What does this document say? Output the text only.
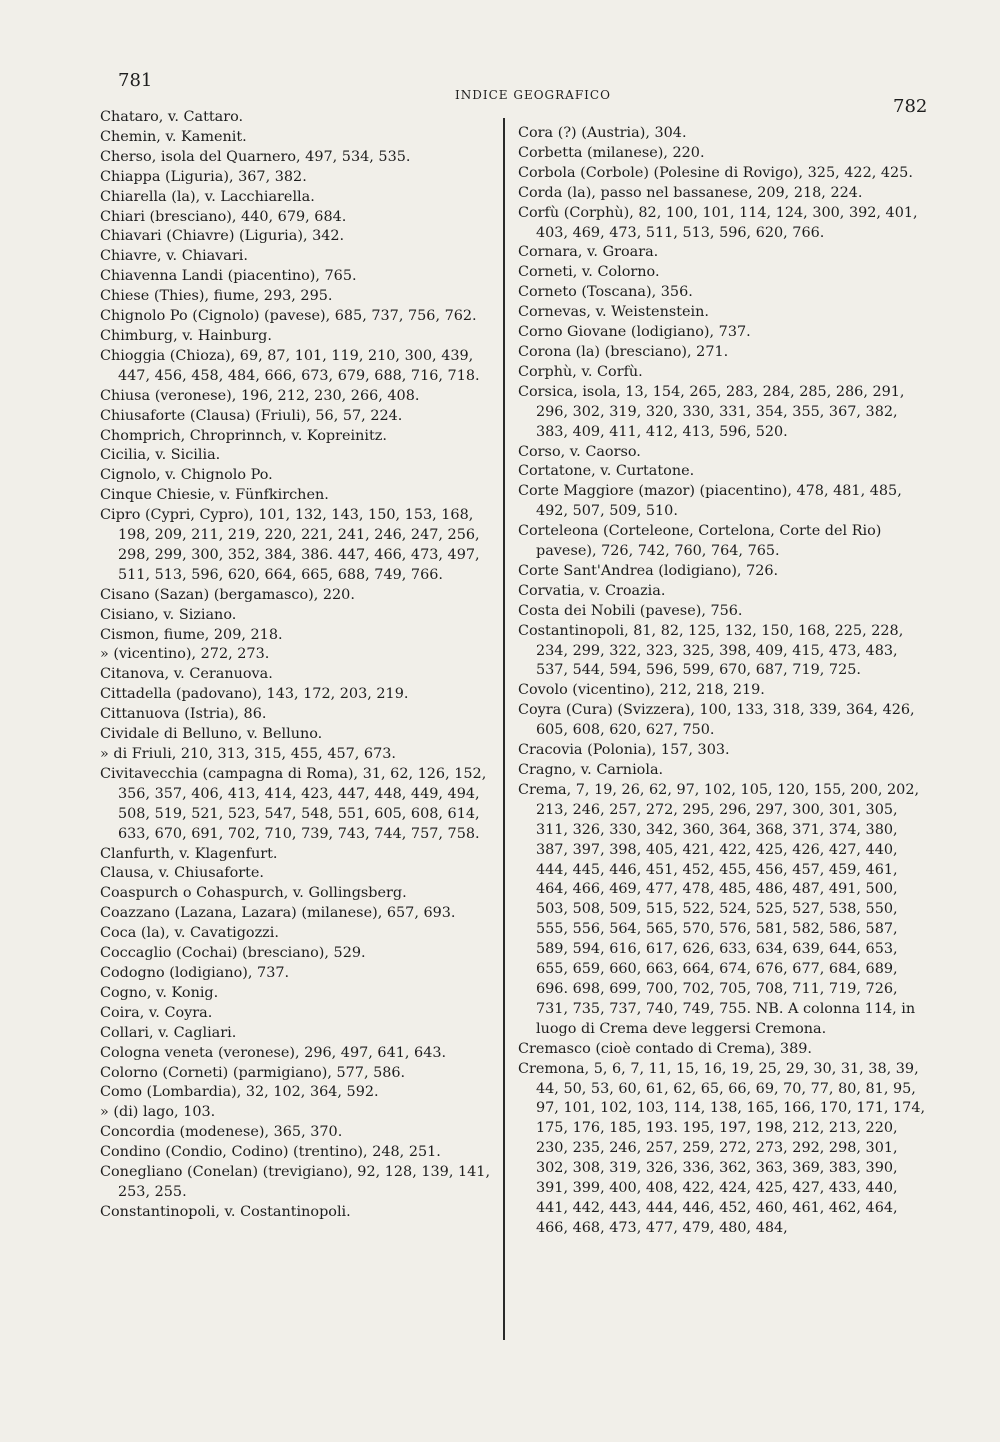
781
INDICE GEOGRAFICO
782

Chataro, v. Cattaro.

Chemin, v. Kamenit.

Cherso, isola del Quarnero, 497, 534, 535.

Chiappa (Liguria), 367, 382.

Chiarella (la), v. Lacchiarella.

Chiari (bresciano), 440, 679, 684.

Chiavari (Chiavre) (Liguria), 342.

Chiavre, v. Chiavari.

Chiavenna Landi (piacentino), 765.

Chiese (Thies), fiume, 293, 295.

Chignolo Po (Cignolo) (pavese), 685, 737, 756, 762.

Chimburg, v. Hainburg.

Chioggia (Chioza), 69, 87, 101, 119, 210, 300, 439, 447, 456, 458, 484, 666, 673, 679, 688, 716, 718.

Chiusa (veronese), 196, 212, 230, 266, 408.

Chiusaforte (Clausa) (Friuli), 56, 57, 224.

Chomprich, Chroprinnch, v. Kopreinitz.

Cicilia, v. Sicilia.

Cignolo, v. Chignolo Po.

Cinque Chiesie, v. Fünfkirchen.

Cipro (Cypri, Cypro), 101, 132, 143, 150, 153, 168, 198, 209, 211, 219, 220, 221, 241, 246, 247, 256, 298, 299, 300, 352, 384, 386. 447, 466, 473, 497, 511, 513, 596, 620, 664, 665, 688, 749, 766.

Cisano (Sazan) (bergamasco), 220.

Cisiano, v. Siziano.

Cismon, fiume, 209, 218.

» (vicentino), 272, 273.

Citanova, v. Ceranuova.

Cittadella (padovano), 143, 172, 203, 219.

Cittanuova (Istria), 86.

Cividale di Belluno, v. Belluno.

» di Friuli, 210, 313, 315, 455, 457, 673.

Civitavecchia (campagna di Roma), 31, 62, 126, 152, 356, 357, 406, 413, 414, 423, 447, 448, 449, 494, 508, 519, 521, 523, 547, 548, 551, 605, 608, 614, 633, 670, 691, 702, 710, 739, 743, 744, 757, 758.

Clanfurth, v. Klagenfurt.

Clausa, v. Chiusaforte.

Coaspurch o Cohaspurch, v. Gollingsberg.

Coazzano (Lazana, Lazara) (milanese), 657, 693.

Coca (la), v. Cavatigozzi.

Coccaglio (Cochai) (bresciano), 529.

Codogno (lodigiano), 737.

Cogno, v. Konig.

Coira, v. Coyra.

Collari, v. Cagliari.

Cologna veneta (veronese), 296, 497, 641, 643.

Colorno (Corneti) (parmigiano), 577, 586.

Como (Lombardia), 32, 102, 364, 592.

» (di) lago, 103.

Concordia (modenese), 365, 370.

Condino (Condio, Codino) (trentino), 248, 251.

Conegliano (Conelan) (trevigiano), 92, 128, 139, 141, 253, 255.

Constantinopoli, v. Costantinopoli.

Cora (?) (Austria), 304.

Corbetta (milanese), 220.

Corbola (Corbole) (Polesine di Rovigo), 325, 422, 425.

Corda (la), passo nel bassanese, 209, 218, 224.

Corfù (Corphù), 82, 100, 101, 114, 124, 300, 392, 401, 403, 469, 473, 511, 513, 596, 620, 766.

Cornara, v. Groara.

Corneti, v. Colorno.

Corneto (Toscana), 356.

Cornevas, v. Weistenstein.

Corno Giovane (lodigiano), 737.

Corona (la) (bresciano), 271.

Corphù, v. Corfù.

Corsica, isola, 13, 154, 265, 283, 284, 285, 286, 291, 296, 302, 319, 320, 330, 331, 354, 355, 367, 382, 383, 409, 411, 412, 413, 596, 520.

Corso, v. Caorso.

Cortatone, v. Curtatone.

Corte Maggiore (mazor) (piacentino), 478, 481, 485, 492, 507, 509, 510.

Corteleona (Corteleone, Cortelona, Corte del Rio) pavese), 726, 742, 760, 764, 765.

Corte Sant'Andrea (lodigiano), 726.

Corvatia, v. Croazia.

Costa dei Nobili (pavese), 756.

Costantinopoli, 81, 82, 125, 132, 150, 168, 225, 228, 234, 299, 322, 323, 325, 398, 409, 415, 473, 483, 537, 544, 594, 596, 599, 670, 687, 719, 725.

Covolo (vicentino), 212, 218, 219.

Coyra (Cura) (Svizzera), 100, 133, 318, 339, 364, 426, 605, 608, 620, 627, 750.

Cracovia (Polonia), 157, 303.

Cragno, v. Carniola.

Crema, 7, 19, 26, 62, 97, 102, 105, 120, 155, 200, 202, 213, 246, 257, 272, 295, 296, 297, 300, 301, 305, 311, 326, 330, 342, 360, 364, 368, 371, 374, 380, 387, 397, 398, 405, 421, 422, 425, 426, 427, 440, 444, 445, 446, 451, 452, 455, 456, 457, 459, 461, 464, 466, 469, 477, 478, 485, 486, 487, 491, 500, 503, 508, 509, 515, 522, 524, 525, 527, 538, 550, 555, 556, 564, 565, 570, 576, 581, 582, 586, 587, 589, 594, 616, 617, 626, 633, 634, 639, 644, 653, 655, 659, 660, 663, 664, 674, 676, 677, 684, 689, 696. 698, 699, 700, 702, 705, 708, 711, 719, 726, 731, 735, 737, 740, 749, 755. NB. A colonna 114, in luogo di Crema deve leggersi Cremona.

Cremasco (cioè contado di Crema), 389.

Cremona, 5, 6, 7, 11, 15, 16, 19, 25, 29, 30, 31, 38, 39, 44, 50, 53, 60, 61, 62, 65, 66, 69, 70, 77, 80, 81, 95, 97, 101, 102, 103, 114, 138, 165, 166, 170, 171, 174, 175, 176, 185, 193. 195, 197, 198, 212, 213, 220, 230, 235, 246, 257, 259, 272, 273, 292, 298, 301, 302, 308, 319, 326, 336, 362, 363, 369, 383, 390, 391, 399, 400, 408, 422, 424, 425, 427, 433, 440, 441, 442, 443, 444, 446, 452, 460, 461, 462, 464, 466, 468, 473, 477, 479, 480, 484,
